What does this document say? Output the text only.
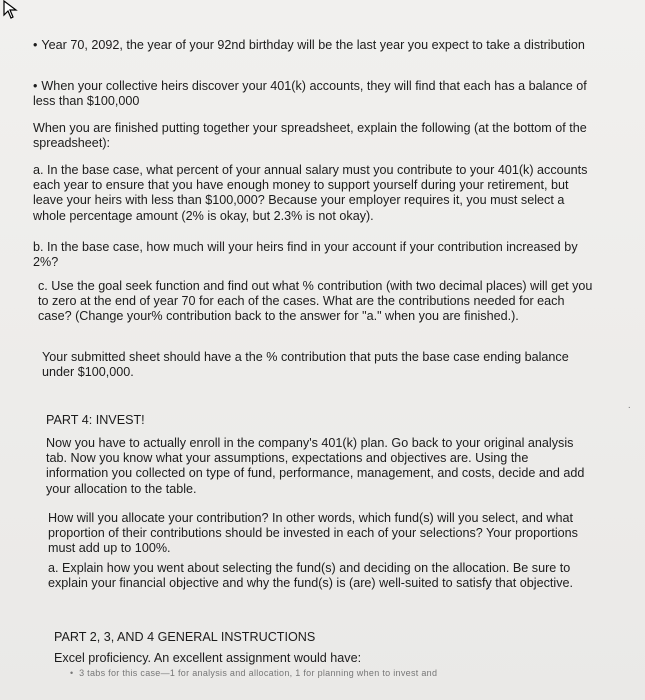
• Year 70, 2092, the year of your 92nd birthday will be the last year you expect to take a distribution

• When your collective heirs discover your 401(k) accounts, they will find that each has a balance of less than $100,000

When you are finished putting together your spreadsheet, explain the following (at the bottom of the spreadsheet):

a. In the base case, what percent of your annual salary must you contribute to your 401(k) accounts each year to ensure that you have enough money to support yourself during your retirement, but leave your heirs with less than $100,000? Because your employer requires it, you must select a whole percentage amount (2% is okay, but 2.3% is not okay).

b. In the base case, how much will your heirs find in your account if your contribution increased by 2%?

c. Use the goal seek function and find out what % contribution (with two decimal places) will get you to zero at the end of year 70 for each of the cases. What are the contributions needed for each case? (Change your% contribution back to the answer for "a." when you are finished.).

Your submitted sheet should have a the % contribution that puts the base case ending balance under $100,000.

PART 4: INVEST!

Now you have to actually enroll in the company's 401(k) plan. Go back to your original analysis tab. Now you know what your assumptions, expectations and objectives are. Using the information you collected on type of fund, performance, management, and costs, decide and add your allocation to the table.

How will you allocate your contribution? In other words, which fund(s) will you select, and what proportion of their contributions should be invested in each of your selections? Your proportions must add up to 100%.

a. Explain how you went about selecting the fund(s) and deciding on the allocation. Be sure to explain your financial objective and why the fund(s) is (are) well-suited to satisfy that objective.

PART 2, 3, AND 4 GENERAL INSTRUCTIONS

Excel proficiency. An excellent assignment would have:

•  3 tabs for this case—1 for analysis and allocation, 1 for planning when to invest and
·
